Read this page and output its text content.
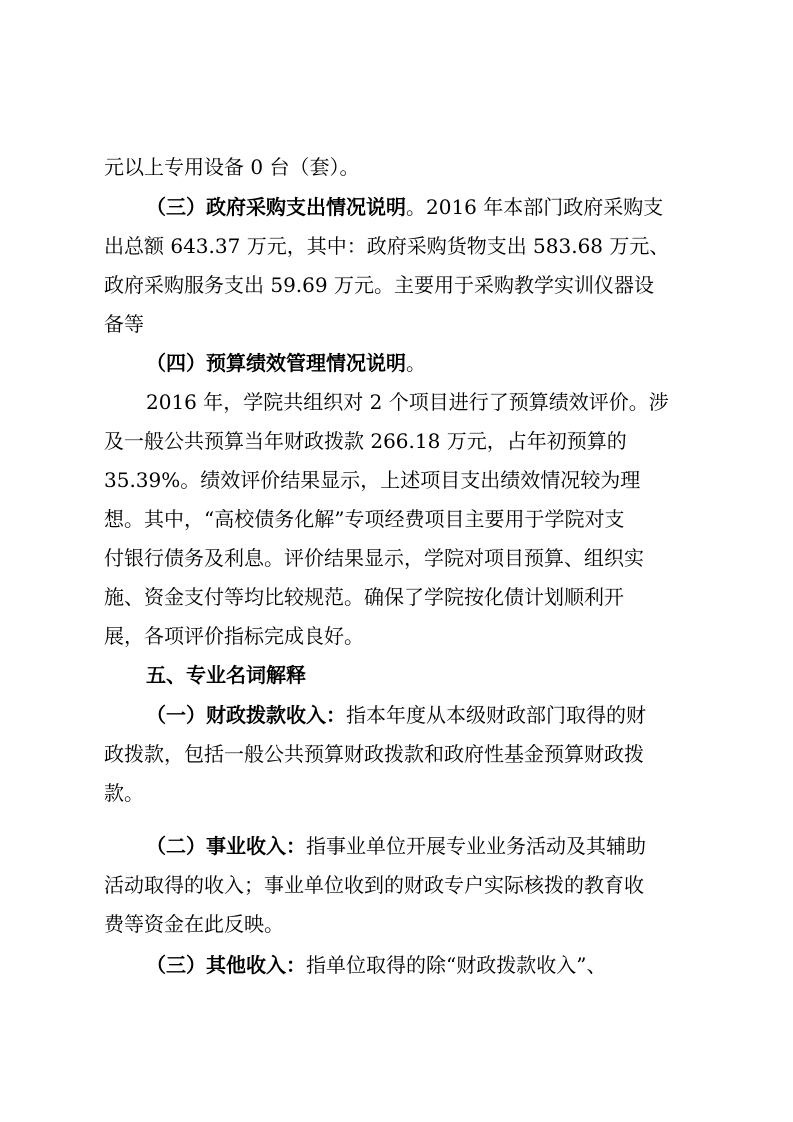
元以上专用设备 0 台（套）。
（三）政府采购支出情况说明。2016 年本部门政府采购支
出总额 643.37 万元，其中：政府采购货物支出 583.68 万元、
政府采购服务支出 59.69 万元。主要用于采购教学实训仪器设
备等
（四）预算绩效管理情况说明。
2016 年，学院共组织对 2 个项目进行了预算绩效评价。涉
及一般公共预算当年财政拨款 266.18 万元，占年初预算的
35.39%。绩效评价结果显示，上述项目支出绩效情况较为理
想。其中，“高校债务化解”专项经费项目主要用于学院对支
付银行债务及利息。评价结果显示，学院对项目预算、组织实
施、资金支付等均比较规范。确保了学院按化债计划顺利开
展，各项评价指标完成良好。
五、专业名词解释
（一）财政拨款收入：指本年度从本级财政部门取得的财
政拨款，包括一般公共预算财政拨款和政府性基金预算财政拨
款。
（二）事业收入：指事业单位开展专业业务活动及其辅助
活动取得的收入；事业单位收到的财政专户实际核拨的教育收
费等资金在此反映。
（三）其他收入：指单位取得的除“财政拨款收入”、
